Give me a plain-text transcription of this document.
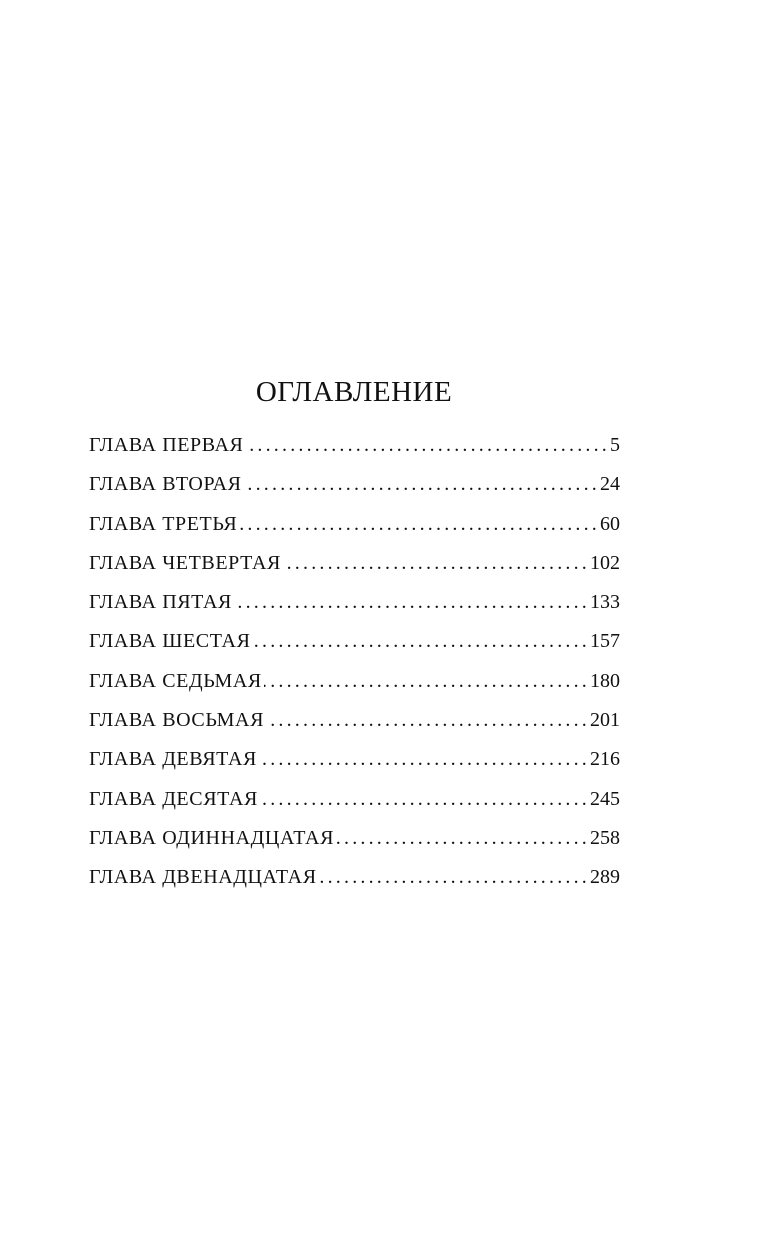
ОГЛАВЛЕНИЕ
ГЛАВА ПЕРВАЯ .....	5
ГЛАВА ВТОРАЯ .....	24
ГЛАВА ТРЕТЬЯ .....	60
ГЛАВА ЧЕТВЕРТАЯ .....	102
ГЛАВА ПЯТАЯ .....	133
ГЛАВА ШЕСТАЯ .....	157
ГЛАВА СЕДЬМАЯ .....	180
ГЛАВА ВОСЬМАЯ .....	201
ГЛАВА ДЕВЯТАЯ .....	216
ГЛАВА ДЕСЯТАЯ .....	245
ГЛАВА ОДИННАДЦАТАЯ .....	258
ГЛАВА ДВЕНАДЦАТАЯ .....	289
